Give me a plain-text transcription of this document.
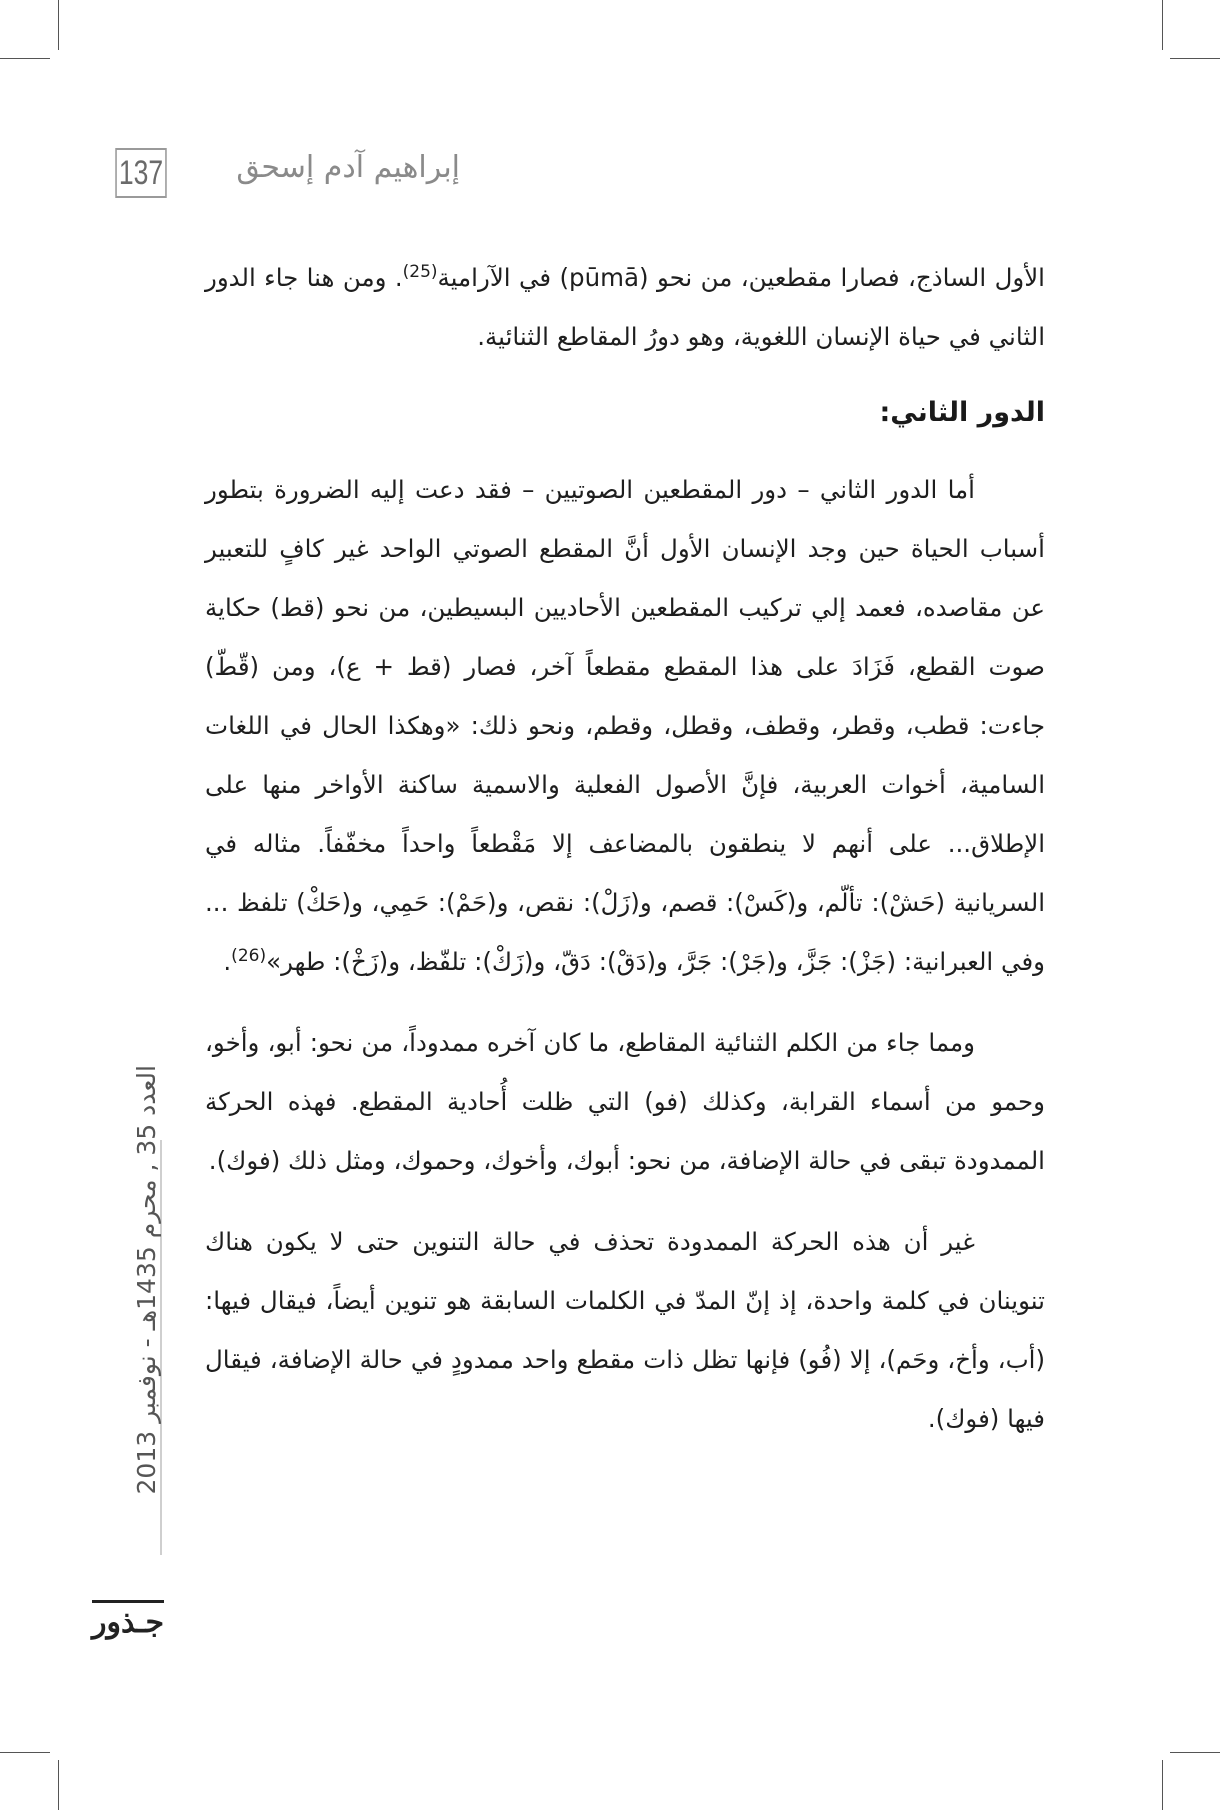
137	إبراهيم آدم إسحق

الأول الساذج، فصارا مقطعين، من نحو (pūmā) في الآرامية$^{(25)}$. ومن هنا جاء الدور الثاني في حياة الإنسان اللغوية، وهو دورُ المقاطع الثنائية.

الدور الثاني:

أما الدور الثاني – دور المقطعين الصوتيين – فقد دعت إليه الضرورة بتطور أسباب الحياة حين وجد الإنسان الأول أنَّ المقطع الصوتي الواحد غير كافٍ للتعبير عن مقاصده، فعمد إلي تركيب المقطعين الأحاديين البسيطين، من نحو (قط) حكاية صوت القطع، فَزَادَ على هذا المقطع مقطعاً آخر، فصار (قط + ع)، ومن (قّطّ) جاءت: قطب، وقطر، وقطف، وقطل، وقطم، ونحو ذلك: «وهكذا الحال في اللغات السامية، أخوات العربية، فإنَّ الأصول الفعلية والاسمية ساكنة الأواخر منها على الإطلاق... على أنهم لا ينطقون بالمضاعف إلا مَقْطعاً واحداً مخفّفاً. مثاله في السريانية (حَشْ): تألّم، و(كَسْ): قصم، و(زَلْ): نقص، و(حَمْ): حَمِي، و(حَكْ) تلفظ ... وفي العبرانية: (جَزْ): جَزَّ، و(جَرْ): جَرَّ، و(دَقْ): دَقّ، و(زَكْ): تلفّظ، و(زَخْ): طهر»$^{(26)}$.

ومما جاء من الكلم الثنائية المقاطع، ما كان آخره ممدوداً، من نحو: أبو، وأخو، وحمو من أسماء القرابة، وكذلك (فو) التي ظلت أُحادية المقطع. فهذه الحركة الممدودة تبقى في حالة الإضافة، من نحو: أبوك، وأخوك، وحموك، ومثل ذلك (فوك).

غير أن هذه الحركة الممدودة تحذف في حالة التنوين حتى لا يكون هناك تنوينان في كلمة واحدة، إذ إنّ المدّ في الكلمات السابقة هو تنوين أيضاً، فيقال فيها: (أب، وأخ، وحَم)، إلا (فُو) فإنها تظل ذات مقطع واحد ممدودٍ في حالة الإضافة، فيقال فيها (فوك).

العدد 35 , محرم 1435هـ - نوفمبر 2013
جـذور
